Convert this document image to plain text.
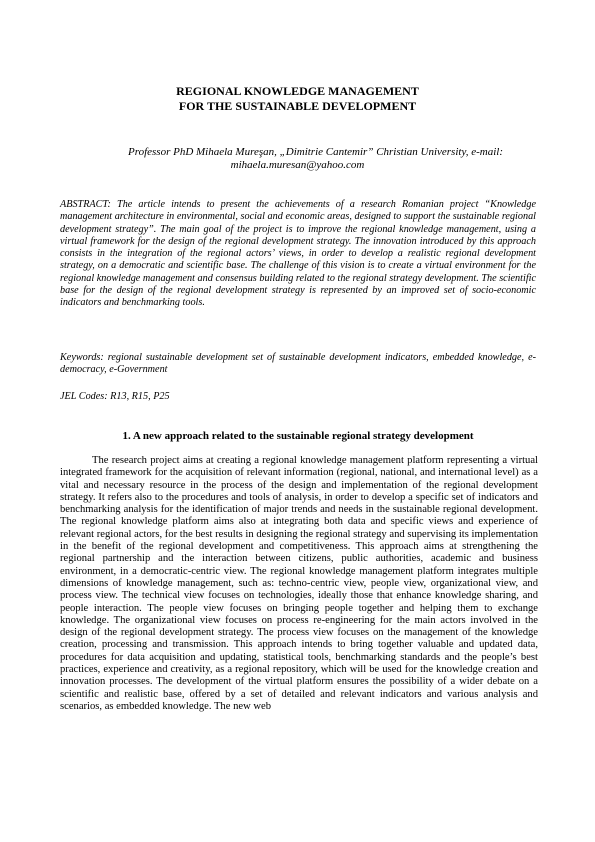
REGIONAL KNOWLEDGE MANAGEMENT
FOR THE SUSTAINABLE DEVELOPMENT
Professor PhD Mihaela Mureşan, „Dimitrie Cantemir” Christian University, e-mail:
mihaela.muresan@yahoo.com

ABSTRACT: The article intends to present the achievements of a research Romanian project “Knowledge management architecture in environmental, social and economic areas, designed to support the sustainable regional development strategy”. The main goal of the project is to improve the regional knowledge management, using a virtual framework for the design of the regional development strategy. The innovation introduced by this approach consists in the integration of the regional actors’ views, in order to develop a realistic regional development strategy, on a democratic and scientific base. The challenge of this vision is to create a virtual environment for the regional knowledge management and consensus building related to the regional strategy development. The scientific base for the design of the regional development strategy is represented by an improved set of socio-economic indicators and benchmarking tools.

Keywords: regional sustainable development set of sustainable development indicators, embedded knowledge, e-democracy, e-Government

JEL Codes: R13, R15, P25

1. A new approach related to the sustainable regional strategy development

The research project aims at creating a regional knowledge management platform representing a virtual integrated framework for the acquisition of relevant information (regional, national, and international level) as a vital and necessary resource in the process of the design and implementation of the regional development strategy. It refers also to the procedures and tools of analysis, in order to develop a specific set of indicators and benchmarking analysis for the identification of major trends and needs in the sustainable regional development. The regional knowledge platform aims also at integrating both data and specific views and experience of relevant regional actors, for the best results in designing the regional strategy and supervising its implementation in the benefit of the regional development and competitiveness. This approach aims at strengthening the regional partnership and the interaction between citizens, public authorities, academic and business environment, in a democratic-centric view. The regional knowledge management platform integrates multiple dimensions of knowledge management, such as: techno-centric view, people view, organizational view, and process view. The technical view focuses on technologies, ideally those that enhance knowledge sharing, and people interaction. The people view focuses on bringing people together and helping them to exchange knowledge. The organizational view focuses on process re-engineering for the main actors involved in the design of the regional development strategy. The process view focuses on the management of the knowledge creation, processing and transmission. This approach intends to bring together valuable and updated data, procedures for data acquisition and updating, statistical tools, benchmarking standards and the people’s best practices, experience and creativity, as a regional repository, which will be used for the knowledge creation and innovation processes. The development of the virtual platform ensures the possibility of a wider debate on a scientific and realistic base, offered by a set of detailed and relevant indicators and various analysis and scenarios, as embedded knowledge. The new web
